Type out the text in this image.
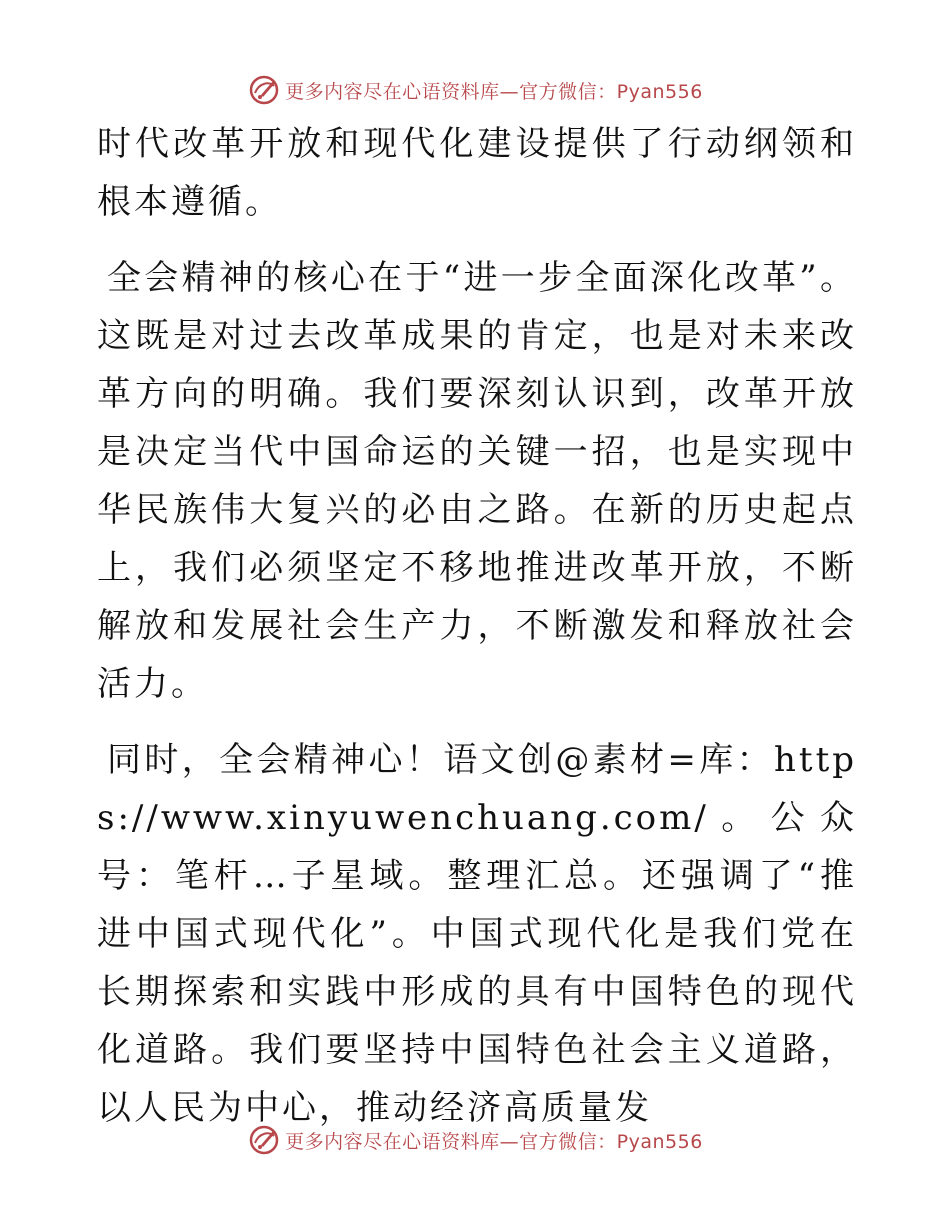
更多内容尽在心语资料库—官方微信：Pyan556

时代改革开放和现代化建设提供了行动纲领和根本遵循。

全会精神的核心在于“进一步全面深化改革”。这既是对过去改革成果的肯定，也是对未来改革方向的明确。我们要深刻认识到，改革开放是决定当代中国命运的关键一招，也是实现中华民族伟大复兴的必由之路。在新的历史起点上，我们必须坚定不移地推进改革开放，不断解放和发展社会生产力，不断激发和释放社会活力。

同时，全会精神心！语文创@素材=库：https://www.xinyuwenchuang.com/。公众号：笔杆…子星域。整理汇总。还强调了“推进中国式现代化”。中国式现代化是我们党在长期探索和实践中形成的具有中国特色的现代化道路。我们要坚持中国特色社会主义道路，以人民为中心，推动经济高质量发

更多内容尽在心语资料库—官方微信：Pyan556
